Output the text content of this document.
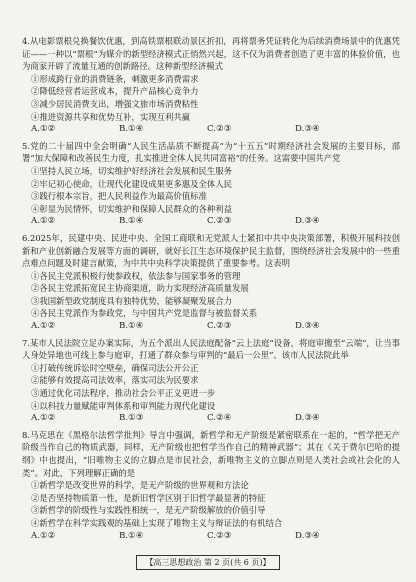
4.从电影票根兑换餐饮优惠，到高铁票根联动景区折扣，再将票务凭证转化为后续消费场景中的优惠凭证——一种以“票根”为媒介的新型经济模式正悄然兴起，这不仅为消费者创造了更丰富的体验价值，也为商家开辟了流量互通的创新路径。这种新型经济模式

①形成跨行业的消费链条，刺激更多消费需求

②降低经营者运营成本，提升产品核心竞争力

③减少居民消费支出，增强文旅市场消费粘性

④推进资源共享和优势互补，实现互利共赢

A.①②	B.①④	C.②③	D.③④

5.党的二十届四中全会明确“人民生活品质不断提高”为“十五五”时期经济社会发展的主要目标，部署“加大保障和改善民生力度，扎实推进全体人民共同富裕”的任务。这需要中国共产党

①坚持人民立场，切实维护好经济社会发展和民生服务

②牢记初心使命，让现代化建设成果更多惠及全体人民

③践行根本宗旨，把人民利益作为最高价值标准

④彰显为民情怀，切实维护和保障人民群众的各种利益

A.①②	B.①④	C.②③	D.③④

6.2025年，民建中央、民进中央、全国工商联和无党派人士紧扣中共中央决策部署，积极开展科技创新和产业创新融合发展等方面的调研，就好长江生态环境保护民主监督，围绕经济社会发展中的一些重点难点问题及时建言献策，为中共中央科学决策提供了重要参考。这表明

①各民主党派积极行使参政权，依法参与国家事务的管理

②各民主党派拓宽民主协商渠道，助力实现经济高质量发展

③我国新型政党制度具有独特优势，能够凝聚发展合力

④各民主党派作为参政党，与中国共产党是监督与被监督关系

A.①②	B.①④	C.②③	D.③④

7.某市人民法院立足办案实际，为五个派出人民法庭配备“云上法庭”设备，将庭审搬至“云端”，让当事人身处异地也可线上参与庭审，打通了群众参与审判的“最后一公里”。该市人民法院此举

①打破传统诉讼时空壁垒，确保司法公开公正

②能够有效提高司法效率，落实司法为民要求

③通过优化司法程序，推动社会公平正义更进一步

④以科技力量赋能审判体系和审判能力现代化建设

A.①②	B.①③	C.②④	D.③④

8.马克思在《黑格尔法哲学批判》导言中强调，新哲学和无产阶级是紧密联系在一起的，“哲学把无产阶级当作自己的物质武器，同样，无产阶级也把哲学当作自己的精神武器”；其在《关于费尔巴哈的提纲》中也提出，“旧唯物主义的立脚点是市民社会，新唯物主义的立脚点则是人类社会或社会化的人类”。对此，下列理解正确的是

①新哲学是改变世界的科学，是无产阶级的世界观和方法论

②是否坚持物质第一性，是新旧哲学区别于旧哲学最显著的特征

③新哲学的阶级性与实践性相统一，是无产阶级解放的价值引导

④新哲学在科学实践观的基础上实现了唯物主义与辩证法的有机结合

A.①②	B.①④	C.②③	D.③④
【高三思想政治 第 2 页(共 6 页)】
